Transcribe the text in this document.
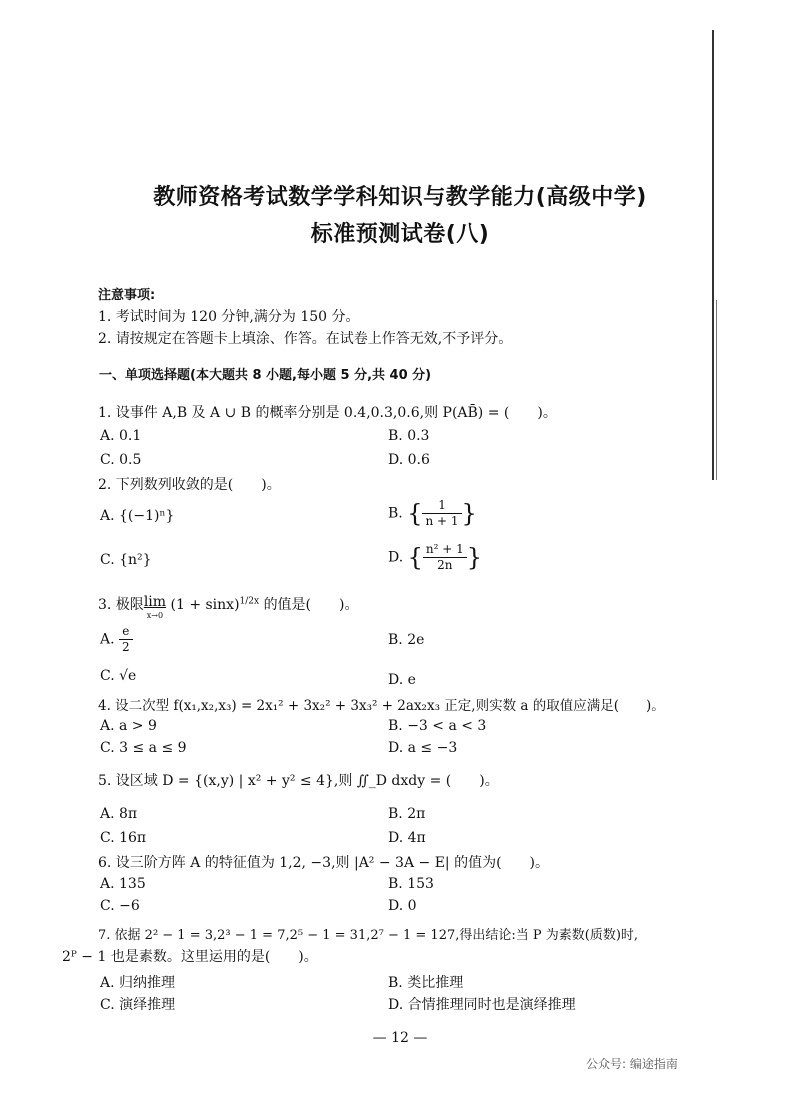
教师资格考试数学学科知识与教学能力(高级中学)
标准预测试卷(八)
注意事项:
1. 考试时间为 120 分钟,满分为 150 分。
2. 请按规定在答题卡上填涂、作答。在试卷上作答无效,不予评分。
一、单项选择题(本大题共 8 小题,每小题 5 分,共 40 分)
1. 设事件 A,B 及 A ∪ B 的概率分别是 0.4,0.3,0.6,则 P(AB̄) = (　　)。
A. 0.1	B. 0.3
C. 0.5	D. 0.6
2. 下列数列收敛的是(　　)。
A. {(−1)ⁿ}	B. { $\frac{1}{n + 1}$ }
C. {n²}	D. { $\frac{\text{n² + 1}}{2n}$ }
3. 极限 lim
x→0
$(1 + \sin x)^{1/2x}$ 的值是(　　)。
A. $\frac{e}{2}$	B. 2e
C. √e	D. e
4. 设二次型 f(x₁,x₂,x₃) = 2x₁² + 3x₂² + 3x₃² + 2ax₂x₃ 正定,则实数 a 的取值应满足(　　)。
A. a > 9	B. −3 < a < 3
C. 3 ≤ a ≤ 9	D. a ≤ −3
5. 设区域 D = {(x,y) | x² + y² ≤ 4},则 ∬_D dxdy = (　　)。
A. 8π	B. 2π
C. 16π	D. 4π
6. 设三阶方阵 A 的特征值为 1,2, −3,则 |A² − 3A − E| 的值为(　　)。
A. 135	B. 153
C. −6	D. 0
7. 依据 2² − 1 = 3,2³ − 1 = 7,2⁵ − 1 = 31,2⁷ − 1 = 127,得出结论:当 P 为素数(质数)时,
2ᴾ − 1 也是素数。这里运用的是(　　)。
A. 归纳推理	B. 类比推理
C. 演绎推理	D. 合情推理同时也是演绎推理
— 12 —
公众号: 编途指南
